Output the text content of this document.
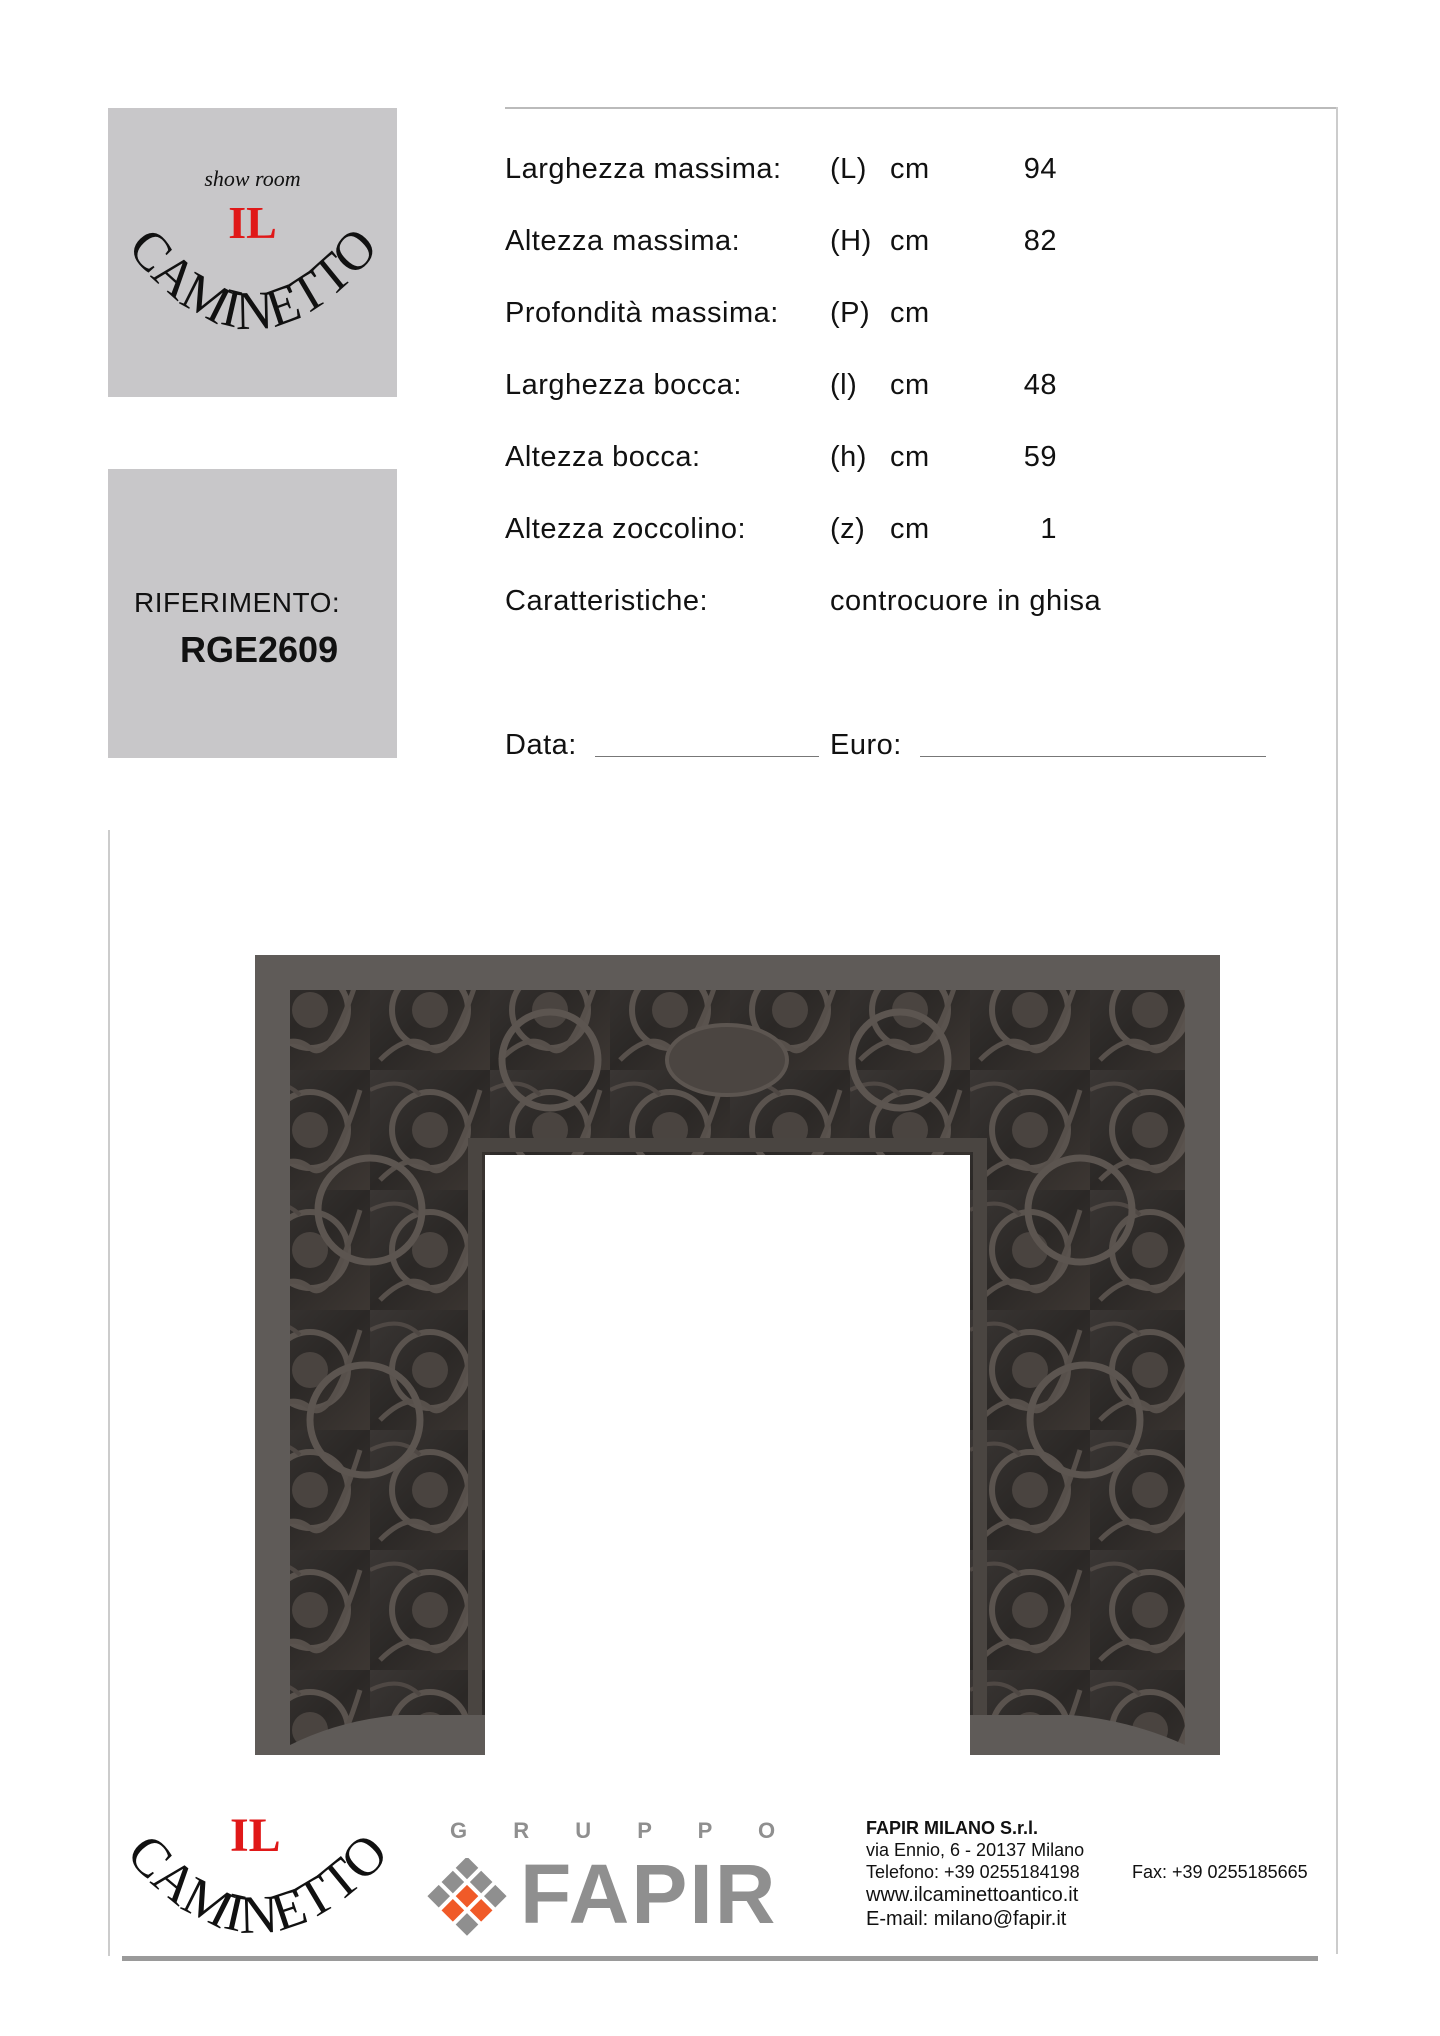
show room
IL
CAMINETTO
RIFERIMENTO:
RGE2609
Larghezza massima: (L) cm	94
Altezza massima:	(H) cm	82
Profondità massima: (P) cm
Larghezza bocca:	(l) cm	48
Altezza bocca:	(h) cm	59
Altezza zoccolino:	(z) cm	1
Caratteristiche:	controcuore in ghisa
Data:	Euro:
IL
CAMINETTO G R U P P O
FAPIR
FAPIR MILANO S.r.l.
via Ennio, 6 - 20137 Milano
Telefono: +39 0255184198	Fax: +39 0255185665
www.ilcaminettoantico.it
E-mail: milano@fapir.it
